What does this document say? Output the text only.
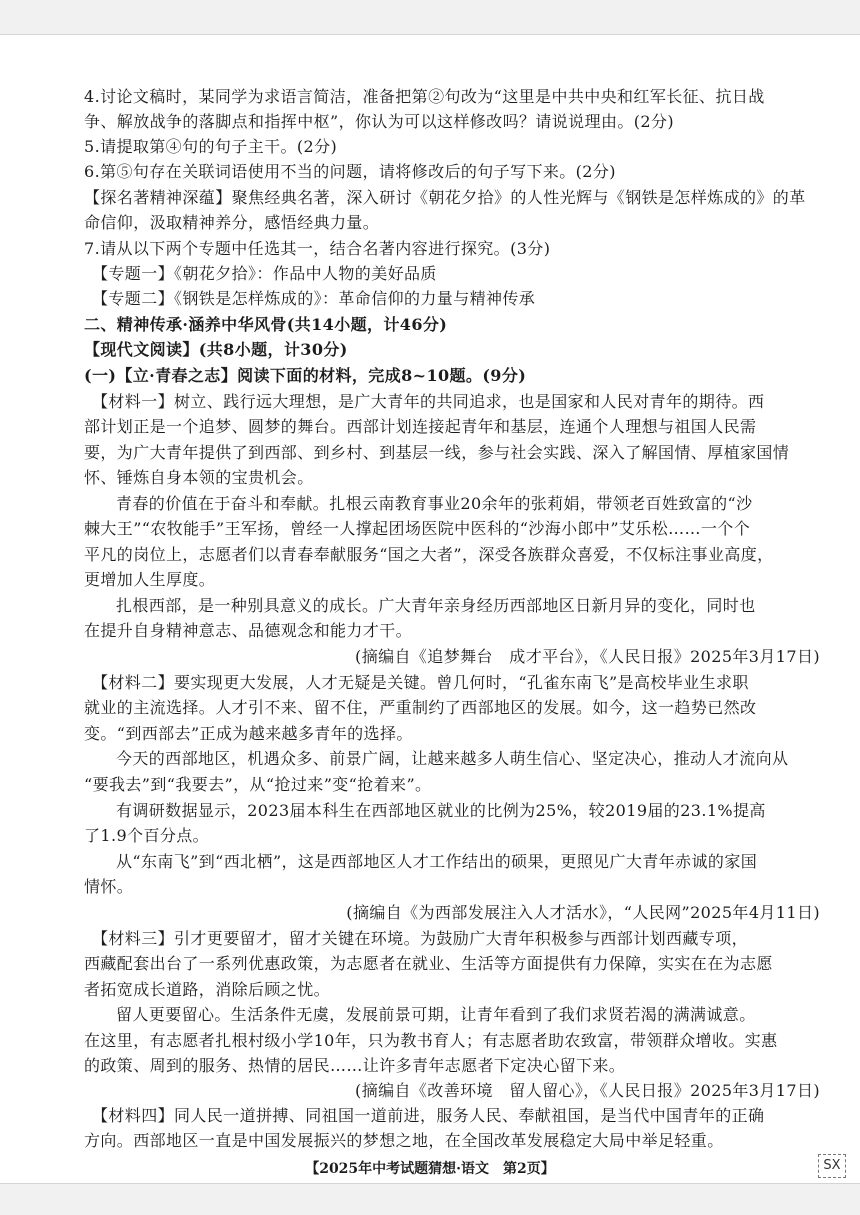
4.讨论文稿时，某同学为求语言简洁，准备把第②句改为“这里是中共中央和红军长征、抗日战
争、解放战争的落脚点和指挥中枢”，你认为可以这样修改吗？请说说理由。(2分)
5.请提取第④句的句子主干。(2分)
6.第⑤句存在关联词语使用不当的问题，请将修改后的句子写下来。(2分)
【探名著精神深蕴】聚焦经典名著，深入研讨《朝花夕拾》的人性光辉与《钢铁是怎样炼成的》的革
命信仰，汲取精神养分，感悟经典力量。
7.请从以下两个专题中任选其一，结合名著内容进行探究。(3分)
【专题一】《朝花夕拾》：作品中人物的美好品质
【专题二】《钢铁是怎样炼成的》：革命信仰的力量与精神传承
二、精神传承·涵养中华风骨(共14小题，计46分)
【现代文阅读】(共8小题，计30分)
(一)【立·青春之志】阅读下面的材料，完成8~10题。(9分)
【材料一】树立、践行远大理想，是广大青年的共同追求，也是国家和人民对青年的期待。西
部计划正是一个追梦、圆梦的舞台。西部计划连接起青年和基层，连通个人理想与祖国人民需
要，为广大青年提供了到西部、到乡村、到基层一线，参与社会实践、深入了解国情、厚植家国情
怀、锤炼自身本领的宝贵机会。
青春的价值在于奋斗和奉献。扎根云南教育事业20余年的张莉娟，带领老百姓致富的“沙
棘大王”“农牧能手”王军扬，曾经一人撑起团场医院中医科的“沙海小郎中”艾乐松……一个个
平凡的岗位上，志愿者们以青春奉献服务“国之大者”，深受各族群众喜爱，不仅标注事业高度，
更增加人生厚度。
扎根西部，是一种别具意义的成长。广大青年亲身经历西部地区日新月异的变化，同时也
在提升自身精神意志、品德观念和能力才干。
(摘编自《追梦舞台　成才平台》，《人民日报》2025年3月17日)
【材料二】要实现更大发展，人才无疑是关键。曾几何时，“孔雀东南飞”是高校毕业生求职
就业的主流选择。人才引不来、留不住，严重制约了西部地区的发展。如今，这一趋势已然改
变。“到西部去”正成为越来越多青年的选择。
今天的西部地区，机遇众多、前景广阔，让越来越多人萌生信心、坚定决心，推动人才流向从
“要我去”到“我要去”，从“抢过来”变“抢着来”。
有调研数据显示，2023届本科生在西部地区就业的比例为25%，较2019届的23.1%提高
了1.9个百分点。
从“东南飞”到“西北栖”，这是西部地区人才工作结出的硕果，更照见广大青年赤诚的家国
情怀。
(摘编自《为西部发展注入人才活水》，“人民网”2025年4月11日)
【材料三】引才更要留才，留才关键在环境。为鼓励广大青年积极参与西部计划西藏专项，
西藏配套出台了一系列优惠政策，为志愿者在就业、生活等方面提供有力保障，实实在在为志愿
者拓宽成长道路，消除后顾之忧。
留人更要留心。生活条件无虞，发展前景可期，让青年看到了我们求贤若渴的满满诚意。
在这里，有志愿者扎根村级小学10年，只为教书育人；有志愿者助农致富，带领群众增收。实惠
的政策、周到的服务、热情的居民……让许多青年志愿者下定决心留下来。
(摘编自《改善环境　留人留心》，《人民日报》2025年3月17日)
【材料四】同人民一道拼搏、同祖国一道前进，服务人民、奉献祖国，是当代中国青年的正确
方向。西部地区一直是中国发展振兴的梦想之地，在全国改革发展稳定大局中举足轻重。
【2025年中考试题猜想·语文　第2页】	SX
